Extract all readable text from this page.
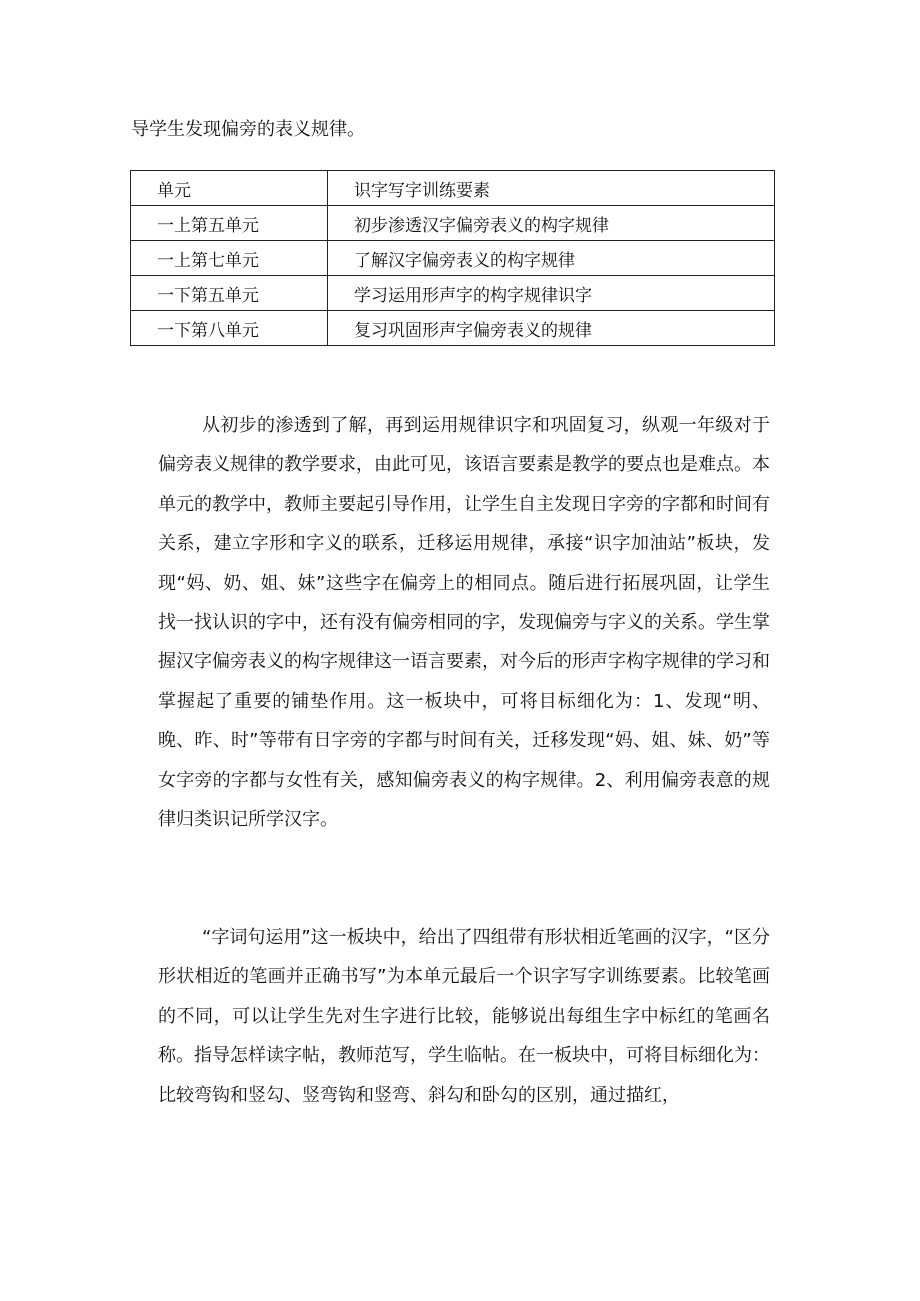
导学生发现偏旁的表义规律。
单元	识字写字训练要素
一上第五单元	初步渗透汉字偏旁表义的构字规律
一上第七单元	了解汉字偏旁表义的构字规律
一下第五单元	学习运用形声字的构字规律识字
一下第八单元	复习巩固形声字偏旁表义的规律

从初步的渗透到了解，再到运用规律识字和巩固复习，纵观一年级对于偏旁表义规律的教学要求，由此可见，该语言要素是教学的要点也是难点。本单元的教学中，教师主要起引导作用，让学生自主发现日字旁的字都和时间有关系，建立字形和字义的联系，迁移运用规律，承接“识字加油站”板块，发现“妈、奶、姐、妹”这些字在偏旁上的相同点。随后进行拓展巩固，让学生找一找认识的字中，还有没有偏旁相同的字，发现偏旁与字义的关系。学生掌握汉字偏旁表义的构字规律这一语言要素，对今后的形声字构字规律的学习和掌握起了重要的铺垫作用。这一板块中，可将目标细化为：1、发现“明、晚、昨、时”等带有日字旁的字都与时间有关，迁移发现“妈、姐、妹、奶”等女字旁的字都与女性有关，感知偏旁表义的构字规律。2、利用偏旁表意的规律归类识记所学汉字。

“字词句运用”这一板块中，给出了四组带有形状相近笔画的汉字，“区分形状相近的笔画并正确书写”为本单元最后一个识字写字训练要素。比较笔画的不同，可以让学生先对生字进行比较，能够说出每组生字中标红的笔画名称。指导怎样读字帖，教师范写，学生临帖。在一板块中，可将目标细化为：比较弯钩和竖勾、竖弯钩和竖弯、斜勾和卧勾的区别，通过描红，
